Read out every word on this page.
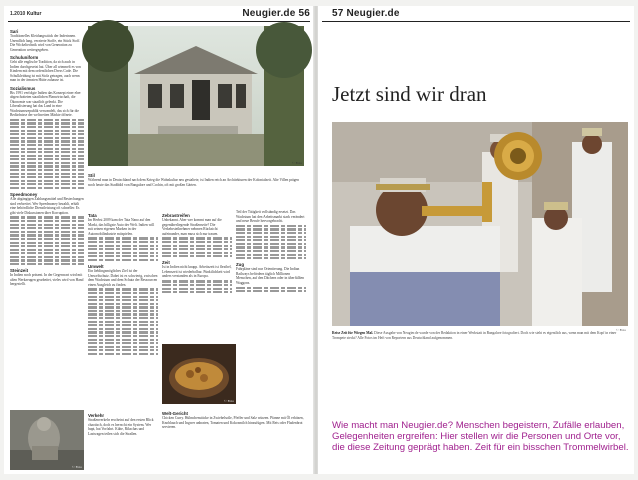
1.2010 Kultur	Neugier.de 56
Sari

Traditionelles Kleidungsstück der Inderinnen. Unendlich lang, verzierte Stoffe, ein Stück Stoff. Die Wickeltechnik wird von Generation zu Generation weitergegeben.

Schuluniform

Geht alle englische Tradition, da sich auch in Indien durchgesetzt hat. Über all wimmelt es von Kindern mit dem ordentlichen Dress Code. Die Schulkleidung ist mit Stolz getragen, auch wenn man in der ärmsten Hütte zuhause ist.

Sozialismus

Bis 1991 verfolgte Indien das Konzept einer eher abgeschotteten staatlichen Planwirtschaft, die Ökonomie war staatlich gelenkt. Die Liberalisierung hat das Land in eine Wachstumsrepublik verwandelt, das sich für die Bedürfnisse der weltweiten Märkte öffnete.

Speedmoney

Alle abgängigen Zahlungsmittel und Bestechungen sind verbreitet. Wer Speedmoney bezahlt, erhält eine behördliche Dienstleistung oft schneller. Es gibt viele Diskussionen über Korruption.

Steinzeit

In Indien noch präsent. In der Gegenwart wird mit alten Werkzeugen gearbeitet, vieles wird von Hand hergestellt.

© Foto
© Foto
Stil

Während man in Deutschland nach dem Krieg die Wohnkultur neu gestaltete, ist Indien reich an Architekturen der Kolonialzeit. Alte Villen prägen noch heute das Stadtbild von Bangalore und Cochin, oft mit großen Gärten.

Tata

Im Herbst 2009 kam der Tata Nano auf den Markt, das billigste Auto der Welt. Indien will mit seinen eigenen Marken in der Automobilindustrie mitspielen.

Umwelt

Ein lieblingsmögliches Ziel ist der Umweltschutz. Dabei ist es schwierig, zwischen dem Wachstum und dem Schutz der Ressourcen einen Ausgleich zu finden.

Verkehr

Straßenverkehr erscheint auf den ersten Blick chaotisch, doch es herrscht ein System. Wer hupt, hat Vorfahrt. Kühe, Rikschas und Lastwagen teilen sich die Straßen.

Zebrastreifen

Unbekannt. Aber wer kommt man auf die gegenüberliegende Straßenseite? Die Verkehrsteilnehmer nehmen Rücksicht aufeinander, man muss sich nur trauen.

Zeit

Ist in Indien nicht knapp. Arbeitszeit ist flexibel, Lebenszeit ist wiederholbar. Pünktlichkeit wird anders verstanden als in Europa.

© Foto
Welt-Gericht

Chicken Curry. Hühnchenstücke in Zwiebelsoße, Pfeffer und Salz würzen. Pfanne mit Öl erhitzen, Knoblauch und Ingwer anbraten, Tomaten und Kokosmilch hinzufügen. Mit Reis oder Fladenbrot servieren.

Teil der Tätigkeit vollständig ersetzt. Das Wachstum hat den Arbeitsmarkt stark verändert und neue Berufe hervorgebracht.

Zug

Fahrpläne sind nur Orientierung. Die Indian Railways befördern täglich Millionen Menschen, auf den Dächern oder in überfüllten Waggons.

57 Neugier.de
Jetzt sind wir dran
© Foto
Reise Zeit für Wiegen Mal. Diese Ausgabe von Neugier.de wurde von der Redaktion in einer Werkstatt in Bangalore fotografiert. Doch wie sieht es eigentlich aus, wenn man mit dem Kopf in einer Trompete steckt? Alle Fotos im Heft von Reportern aus Deutschland aufgenommen.
Wie macht man Neugier.de? Menschen begeistern, Zufälle erlauben, Gelegenheiten ergreifen: Hier stellen wir die Personen und Orte vor, die diese Zeitung geprägt haben. Zeit für ein bisschen Trommelwirbel.
